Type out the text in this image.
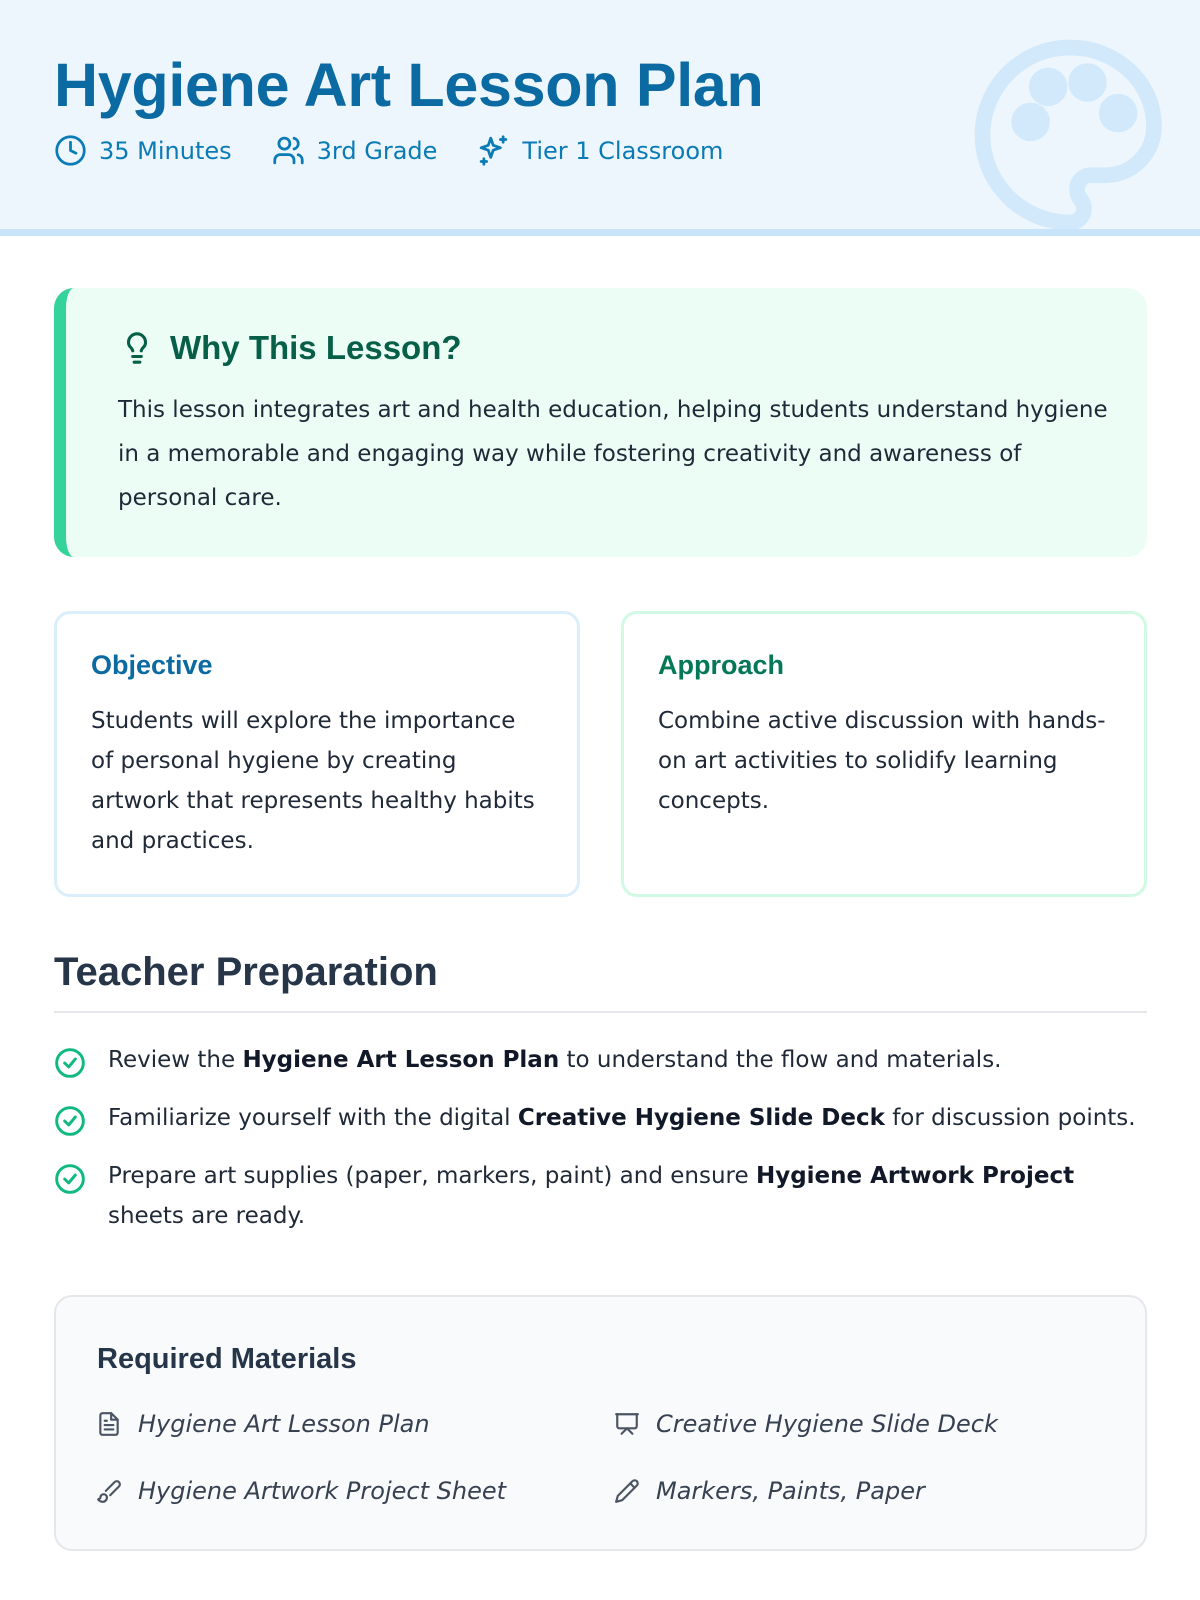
Hygiene Art Lesson Plan
35 Minutes	3rd Grade	Tier 1 Classroom
Why This Lesson?

This lesson integrates art and health education, helping students understand hygiene in a memorable and engaging way while fostering creativity and awareness of personal care.

Objective

Students will explore the importance of personal hygiene by creating artwork that represents healthy habits and practices.

Approach

Combine active discussion with hands-on art activities to solidify learning concepts.

Teacher Preparation
Review the Hygiene Art Lesson Plan to understand the flow and materials.
Familiarize yourself with the digital Creative Hygiene Slide Deck for discussion points.
Prepare art supplies (paper, markers, paint) and ensure Hygiene Artwork Project sheets are ready.
Required Materials
Hygiene Art Lesson Plan	Creative Hygiene Slide Deck
Hygiene Artwork Project Sheet	Markers, Paints, Paper
